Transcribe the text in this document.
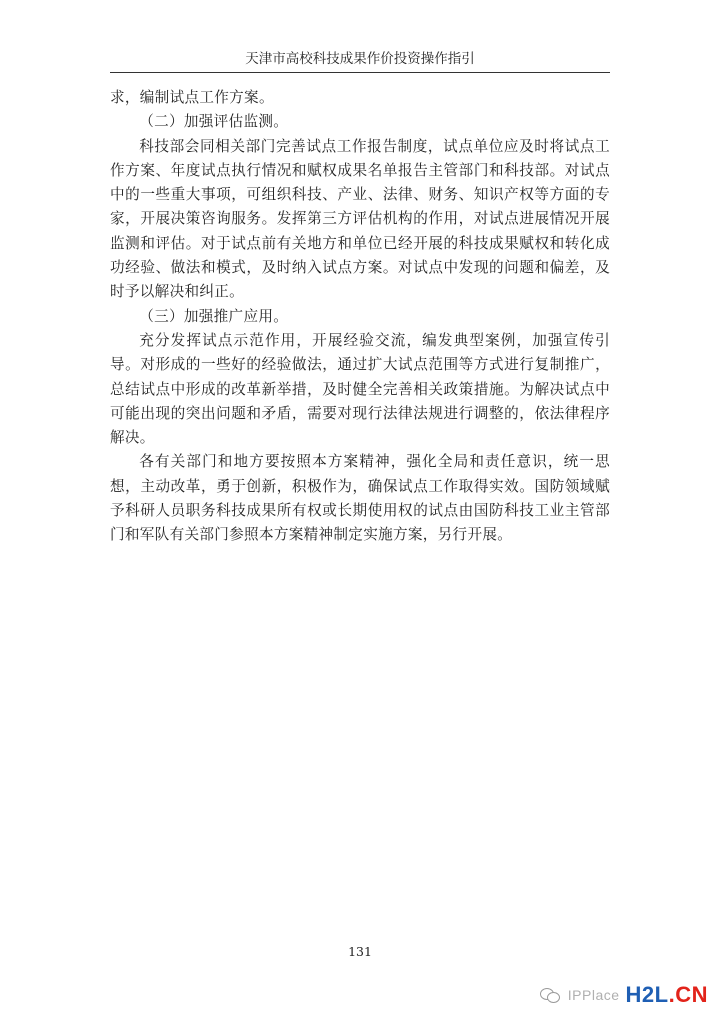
天津市高校科技成果作价投资操作指引

求，编制试点工作方案。

（二）加强评估监测。

科技部会同相关部门完善试点工作报告制度，试点单位应及时将试点工作方案、年度试点执行情况和赋权成果名单报告主管部门和科技部。对试点中的一些重大事项，可组织科技、产业、法律、财务、知识产权等方面的专家，开展决策咨询服务。发挥第三方评估机构的作用，对试点进展情况开展监测和评估。对于试点前有关地方和单位已经开展的科技成果赋权和转化成功经验、做法和模式，及时纳入试点方案。对试点中发现的问题和偏差，及时予以解决和纠正。

（三）加强推广应用。

充分发挥试点示范作用，开展经验交流，编发典型案例，加强宣传引导。对形成的一些好的经验做法，通过扩大试点范围等方式进行复制推广，总结试点中形成的改革新举措，及时健全完善相关政策措施。为解决试点中可能出现的突出问题和矛盾，需要对现行法律法规进行调整的，依法律程序解决。

各有关部门和地方要按照本方案精神，强化全局和责任意识，统一思想，主动改革，勇于创新，积极作为，确保试点工作取得实效。国防领域赋予科研人员职务科技成果所有权或长期使用权的试点由国防科技工业主管部门和军队有关部门参照本方案精神制定实施方案，另行开展。

131
IPPlace H2L.CN
